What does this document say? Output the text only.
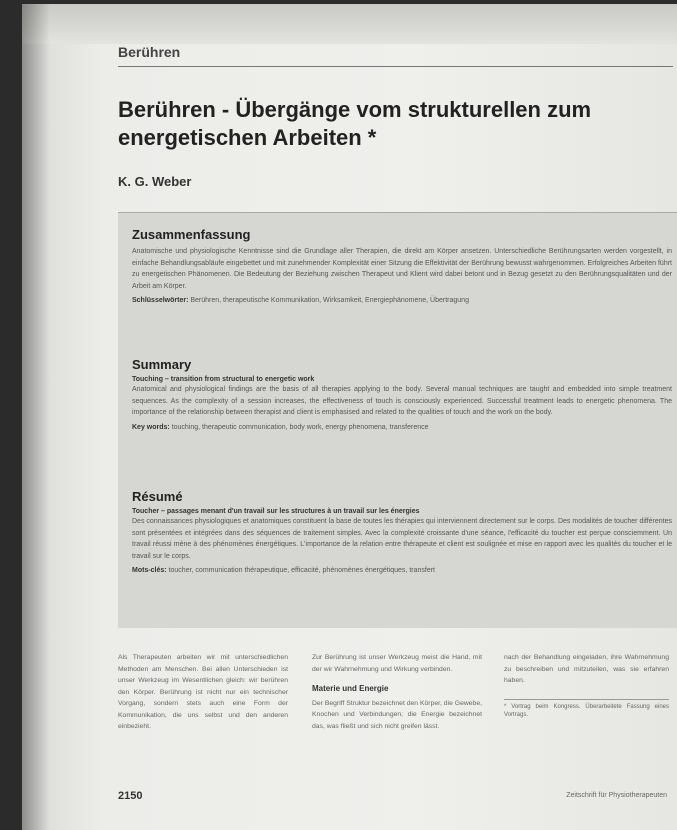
Berühren
Berühren - Übergänge vom strukturellen zum energetischen Arbeiten *
K. G. Weber
Zusammenfassung
Anatomische und physiologische Kenntnisse sind die Grundlage aller Therapien, die direkt am Körper ansetzen. Unterschiedliche Berührungsarten werden vorgestellt, in einfache Behandlungsabläufe eingebettet und mit zunehmender Komplexität einer Sitzung die Effektivität der Berührung bewusst wahrgenommen. Erfolgreiches Arbeiten führt zu energetischen Phänomenen. Die Bedeutung der Beziehung zwischen Therapeut und Klient wird dabei betont und in Bezug gesetzt zu den Berührungsqualitäten und der Arbeit am Körper.
Schlüsselwörter: Berühren, therapeutische Kommunikation, Wirksamkeit, Energiephänomene, Übertragung
Summary
Touching – transition from structural to energetic work
Anatomical and physiological findings are the basis of all therapies applying to the body. Several manual techniques are taught and embedded into simple treatment sequences. As the complexity of a session increases, the effectiveness of touch is consciously experienced. Successful treatment leads to energetic phenomena. The importance of the relationship between therapist and client is emphasised and related to the qualities of touch and the work on the body.
Key words: touching, therapeutic communication, body work, energy phenomena, transference
Résumé
Toucher – passages menant d'un travail sur les structures à un travail sur les énergies
Des connaissances physiologiques et anatomiques constituent la base de toutes les thérapies qui interviennent directement sur le corps. Des modalités de toucher différentes sont présentées et intégrées dans des séquences de traitement simples. Avec la complexité croissante d'une séance, l'efficacité du toucher est perçue consciemment. Un travail réussi mène à des phénomènes énergétiques. L'importance de la relation entre thérapeute et client est soulignée et mise en rapport avec les qualités du toucher et le travail sur le corps.
Mots-clés: toucher, communication thérapeutique, efficacité, phénomènes énergétiques, transfert
Als Therapeuten arbeiten wir mit unterschiedlichen Methoden am Menschen. Bei allen Unterschieden ist unser Werkzeug im Wesentlichen gleich: wir berühren den Körper. Berührung ist nicht nur ein technischer Vorgang, sondern stets auch eine Form der Kommunikation, die uns selbst und den anderen einbezieht.
Zur Berührung ist unser Werkzeug meist die Hand, mit der wir Wahrnehmung und Wirkung verbinden.
Materie und Energie
Der Begriff Struktur bezeichnet den Körper, die Gewebe, Knochen und Verbindungen; die Energie bezeichnet das, was fließt und sich nicht greifen lässt.
nach der Behandlung eingeladen, ihre Wahrnehmung zu beschreiben und mitzuteilen, was sie erfahren haben.
* Vortrag beim Kongress. Überarbeitete Fassung eines Vortrags.
2150	Zeitschrift für Physiotherapeuten
